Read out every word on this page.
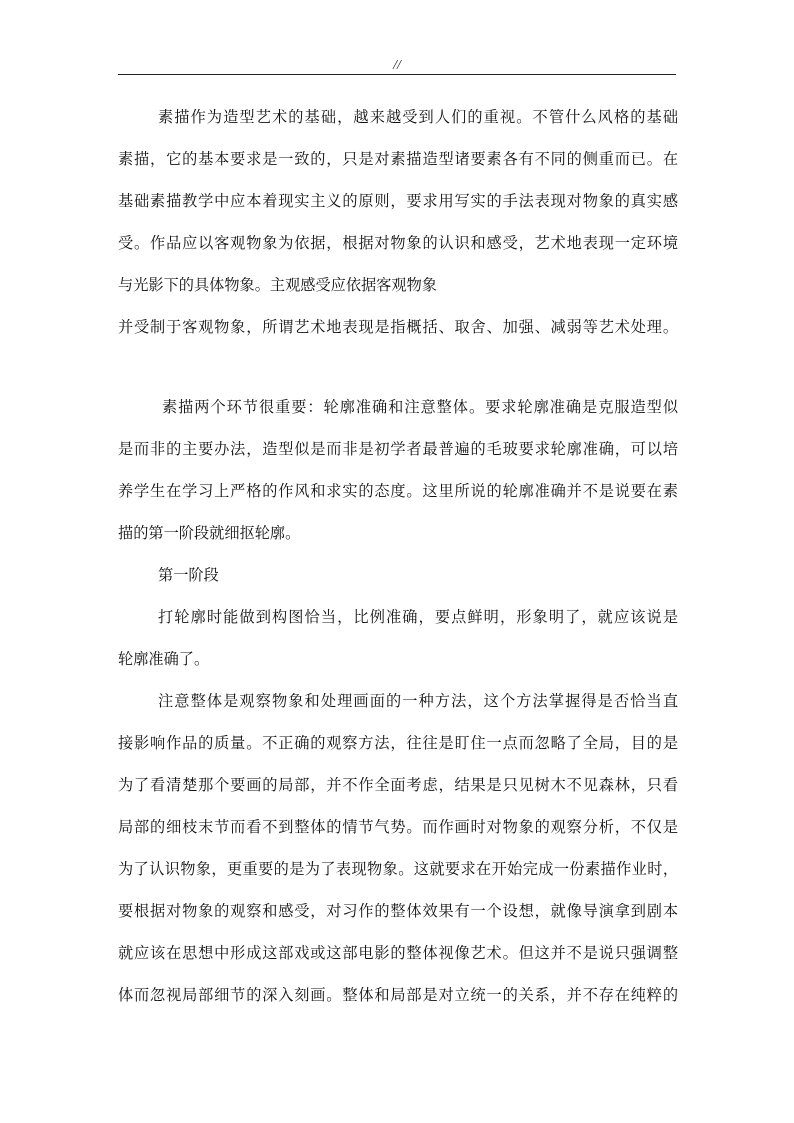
//
素描作为造型艺术的基础，越来越受到人们的重视。不管什么风格的基础
素描，它的基本要求是一致的，只是对素描造型诸要素各有不同的侧重而已。在
基础素描教学中应本着现实主义的原则，要求用写实的手法表现对物象的真实感
受。作品应以客观物象为依据，根据对物象的认识和感受，艺术地表现一定环境
与光影下的具体物象。主观感受应依据客观物象
并受制于客观物象，所谓艺术地表现是指概括、取舍、加强、减弱等艺术处理。
素描两个环节很重要：轮廓准确和注意整体。要求轮廓准确是克服造型似
是而非的主要办法，造型似是而非是初学者最普遍的毛玻要求轮廓准确，可以培
养学生在学习上严格的作风和求实的态度。这里所说的轮廓准确并不是说要在素
描的第一阶段就细抠轮廓。
第一阶段
打轮廓时能做到构图恰当，比例准确，要点鲜明，形象明了，就应该说是
轮廓准确了。
注意整体是观察物象和处理画面的一种方法，这个方法掌握得是否恰当直
接影响作品的质量。不正确的观察方法，往往是盯住一点而忽略了全局，目的是
为了看清楚那个要画的局部，并不作全面考虑，结果是只见树木不见森林，只看
局部的细枝末节而看不到整体的情节气势。而作画时对物象的观察分析，不仅是
为了认识物象，更重要的是为了表现物象。这就要求在开始完成一份素描作业时，
要根据对物象的观察和感受，对习作的整体效果有一个设想，就像导演拿到剧本
就应该在思想中形成这部戏或这部电影的整体视像艺术。但这并不是说只强调整
体而忽视局部细节的深入刻画。整体和局部是对立统一的关系，并不存在纯粹的
